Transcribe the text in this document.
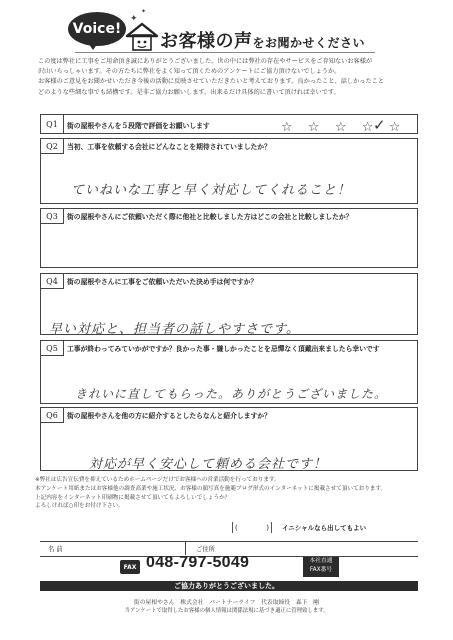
Voice!
お客様の声をお聞かせください
✦
✦
この度は弊社に工事をご用命頂き誠にありがとうございました。世の中には弊社の存在やサービスをご存知ないお客様が
沢山いらっしゃいます。その方たちに弊社をよく知って頂くためのアンケートにご協力頂けないでしょうか。
お客様のご意見をお聞かせいただき今後の活動に反映させていただきたいと考えております。良かったこと、話しかったこと
どのような些細な事でも結構です。是非ご協力お願いします。出来るだけ具体的に書いて頂ければ幸いです。
Q1	街の屋根やさんを５段階で評価をお願いします	☆ ☆ ☆ ☆ ☆
✓
Q2	当初、工事を依頼する会社にどんなことを期待されていましたか？
ていねいな工事と早く対応してくれること！
Q3	街の屋根やさんにご依頼いただく際に他社と比較しました方はどこの会社と比較しましたか？
Q4	街の屋根やさんに工事をご依頼いただいた決め手は何ですか？
早い対応と、担当者の話しやすさです。
Q5	工事が終わってみていかがですか？良かった事・嫌しかったことを忌憚なく頂戴出来ましたら幸いです
きれいに直してもらった。ありがとうございました。
Q6	街の屋根やさんを他の方に紹介するとしたらなんと紹介しますか？
対応が早く安心して頼める会社です！
※弊社は広告宣伝費を抑えているためホームページだけでお客様への営業活動を行っております。
本アンケート用紙またはお客様他の調査高業や施工状況、お客様の顔写真を施範ブログ形式のインターネットに掲載させて頂いております。
上記内容をインターネット印刷物に掲載させて頂いてもよろしいでしょうか？
よろしければ○印をお付け下さい。
(	) イニシャルなら出してもよい
名 前	ご住所
FAX 048-797-5049	本社直通
FAX番号
ご協力ありがとうございました。
街の屋根やさん　株式会社　パートナーライフ　代表取締役　森下　剛
当アンケートで取得したお客様の個人情報は関係法規に基づき適正に管理致します。
